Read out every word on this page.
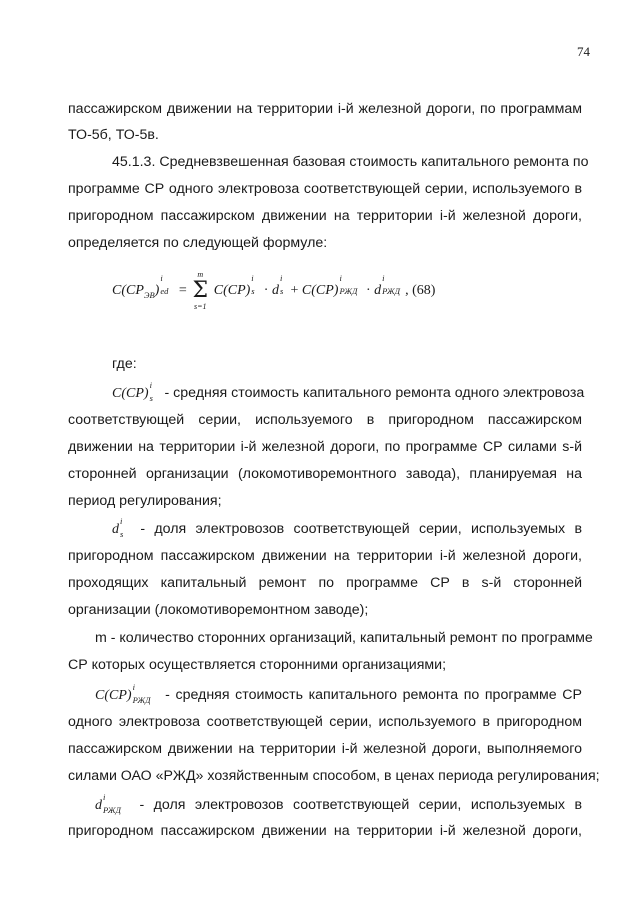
74

пассажирском движении на территории i-й железной дороги, по программам

ТО-5б, ТО-5в.

45.1.3. Средневзвешенная базовая стоимость капитального ремонта по

программе СР одного электровоза соответствующей серии, используемого в

пригородном пассажирском движении на территории i-й железной дороги,

определяется по следующей формуле:

$C(CP_{ЭВ})$
i
ed =
m
Σ
s=1
C(CP)
i
s · d
i
s + C(CP)
i
РЖД · d
i
РЖД , (68)

где:

C(CP)
i
s - средняя стоимость капитального ремонта одного электровоза

соответствующей серии, используемого в пригородном пассажирском

движении на территории i-й железной дороги, по программе СР силами s-й

сторонней организации (локомотиворемонтного завода), планируемая на

период регулирования;

d
i
s - доля электровозов соответствующей серии, используемых в

пригородном пассажирском движении на территории i-й железной дороги,

проходящих капитальный ремонт по программе СР в s-й сторонней

организации (локомотиворемонтном заводе);

m - количество сторонних организаций, капитальный ремонт по программе

СР которых осуществляется сторонними организациями;

C(CP)
i
РЖД - средняя стоимость капитального ремонта по программе СР

одного электровоза соответствующей серии, используемого в пригородном

пассажирском движении на территории i-й железной дороги, выполняемого

силами ОАО «РЖД» хозяйственным способом, в ценах периода регулирования;

d
i
РЖД - доля электровозов соответствующей серии, используемых в

пригородном пассажирском движении на территории i-й железной дороги,
